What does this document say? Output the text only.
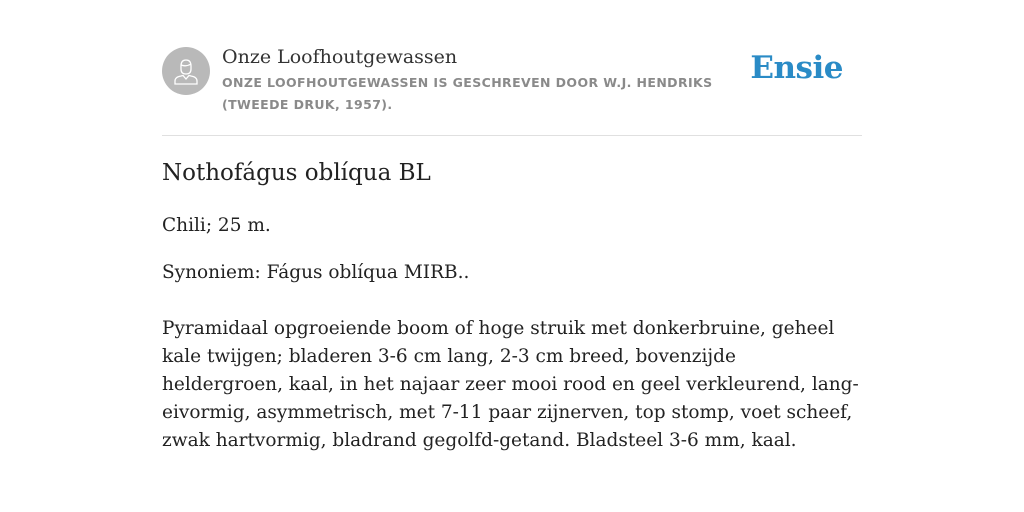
Onze Loofhoutgewassen

ONZE LOOFHOUTGEWASSEN IS GESCHREVEN DOOR W.J. HENDRIKS (TWEEDE DRUK, 1957).

Ensie
Nothofágus oblíqua BL

Chili; 25 m.

Synoniem: Fágus oblíqua MIRB..

Pyramidaal opgroeiende boom of hoge struik met donkerbruine, geheel kale twijgen; bladeren 3-6 cm lang, 2-3 cm breed, bovenzijde heldergroen, kaal, in het najaar zeer mooi rood en geel verkleurend, lang-eivormig, asymmetrisch, met 7-11 paar zijnerven, top stomp, voet scheef, zwak hartvormig, bladrand gegolfd-getand. Bladsteel 3-6 mm, kaal.
